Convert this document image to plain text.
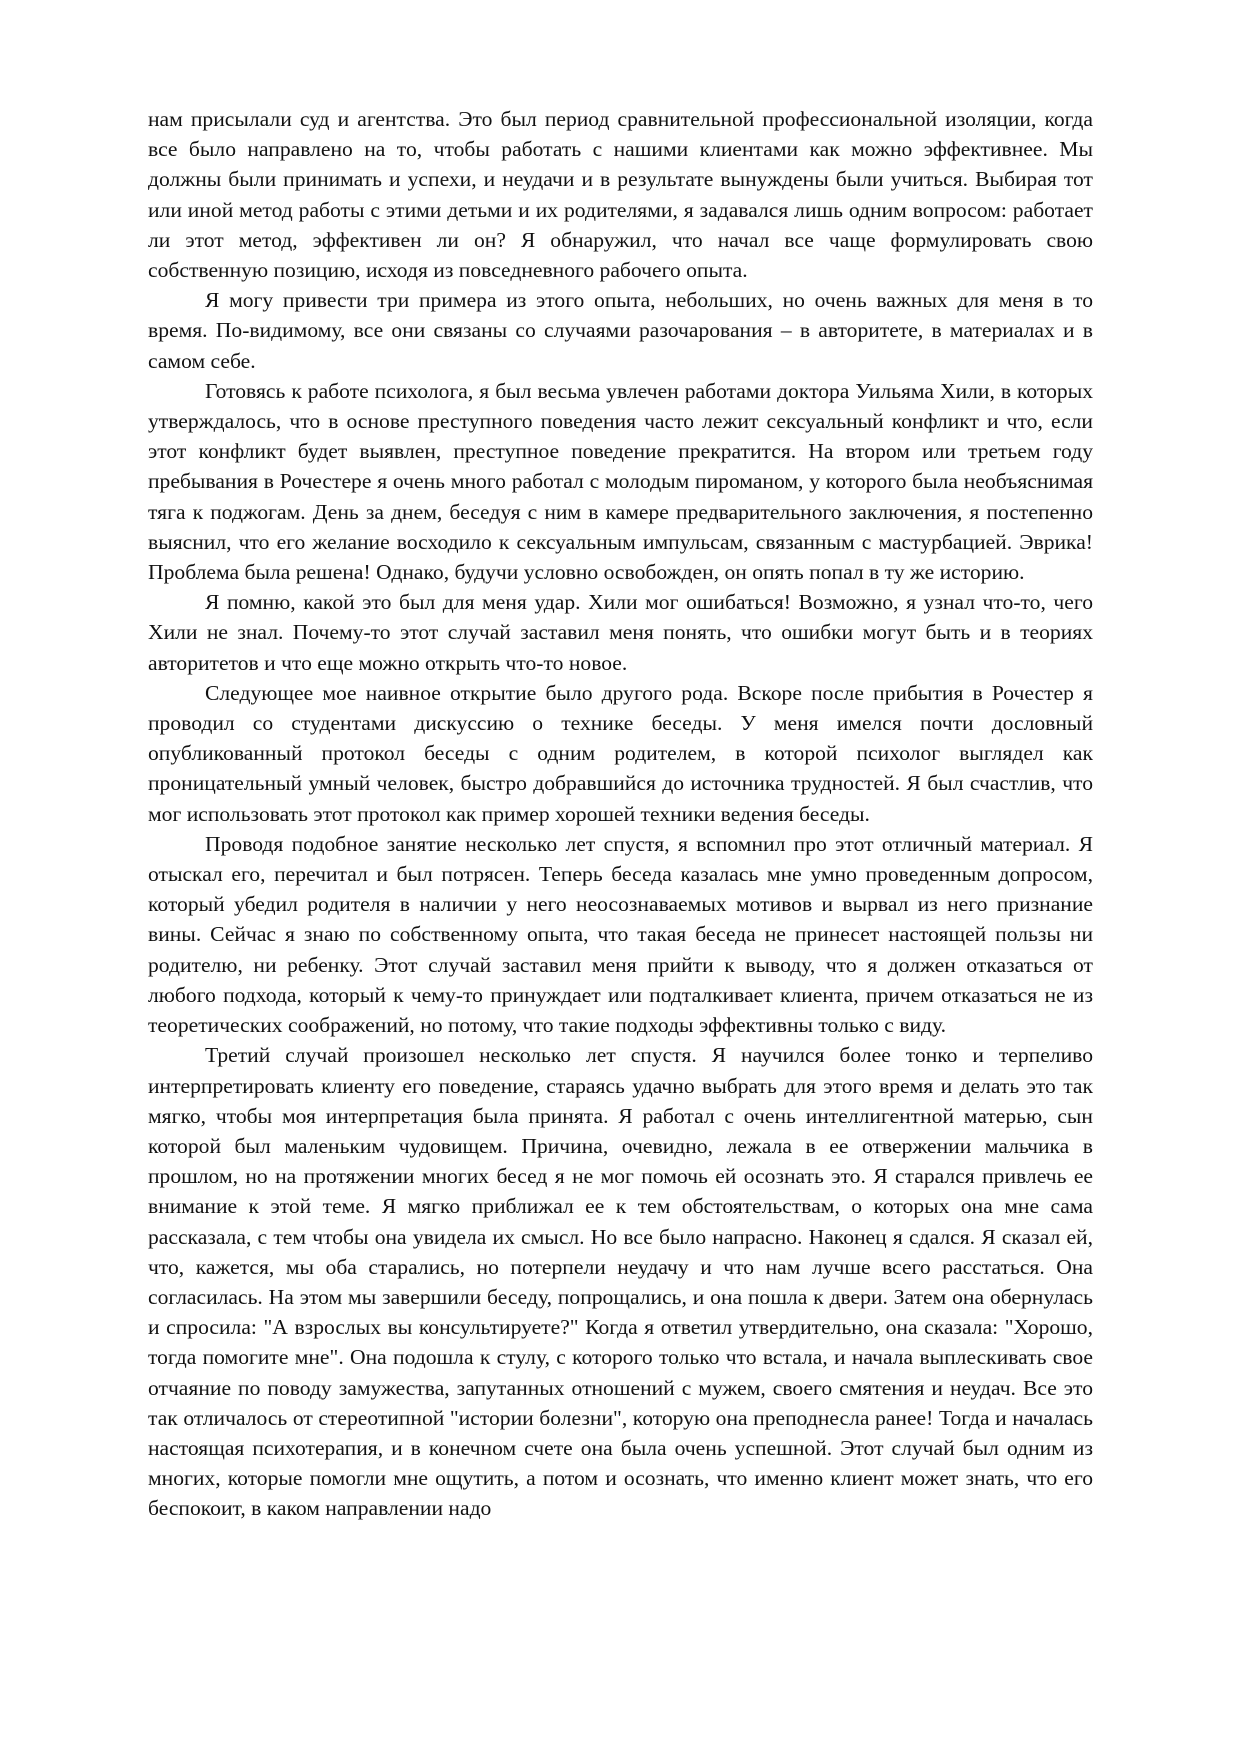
нам присылали суд и агентства. Это был период сравнительной профессиональной изоляции, когда все было направлено на то, чтобы работать с нашими клиентами как можно эффективнее. Мы должны были принимать и успехи, и неудачи и в результате вынуждены были учиться. Выбирая тот или иной метод работы с этими детьми и их родителями, я задавался лишь одним вопросом: работает ли этот метод, эффективен ли он? Я обнаружил, что начал все чаще формулировать свою собственную позицию, исходя из повседневного рабочего опыта.

Я могу привести три примера из этого опыта, небольших, но очень важных для меня в то время. По-видимому, все они связаны со случаями разочарования – в авторитете, в материалах и в самом себе.

Готовясь к работе психолога, я был весьма увлечен работами доктора Уильяма Хили, в которых утверждалось, что в основе преступного поведения часто лежит сексуальный конфликт и что, если этот конфликт будет выявлен, преступное поведение прекратится. На втором или третьем году пребывания в Рочестере я очень много работал с молодым пироманом, у которого была необъяснимая тяга к поджогам. День за днем, беседуя с ним в камере предварительного заключения, я постепенно выяснил, что его желание восходило к сексуальным импульсам, связанным с мастурбацией. Эврика! Проблема была решена! Однако, будучи условно освобожден, он опять попал в ту же историю.

Я помню, какой это был для меня удар. Хили мог ошибаться! Возможно, я узнал что-то, чего Хили не знал. Почему-то этот случай заставил меня понять, что ошибки могут быть и в теориях авторитетов и что еще можно открыть что-то новое.

Следующее мое наивное открытие было другого рода. Вскоре после прибытия в Рочестер я проводил со студентами дискуссию о технике беседы. У меня имелся почти дословный опубликованный протокол беседы с одним родителем, в которой психолог выглядел как проницательный умный человек, быстро добравшийся до источника трудностей. Я был счастлив, что мог использовать этот протокол как пример хорошей техники ведения беседы.

Проводя подобное занятие несколько лет спустя, я вспомнил про этот отличный материал. Я отыскал его, перечитал и был потрясен. Теперь беседа казалась мне умно проведенным допросом, который убедил родителя в наличии у него неосознаваемых мотивов и вырвал из него признание вины. Сейчас я знаю по собственному опыта, что такая беседа не принесет настоящей пользы ни родителю, ни ребенку. Этот случай заставил меня прийти к выводу, что я должен отказаться от любого подхода, который к чему-то принуждает или подталкивает клиента, причем отказаться не из теоретических соображений, но потому, что такие подходы эффективны только с виду.

Третий случай произошел несколько лет спустя. Я научился более тонко и терпеливо интерпретировать клиенту его поведение, стараясь удачно выбрать для этого время и делать это так мягко, чтобы моя интерпретация была принята. Я работал с очень интеллигентной матерью, сын которой был маленьким чудовищем. Причина, очевидно, лежала в ее отвержении мальчика в прошлом, но на протяжении многих бесед я не мог помочь ей осознать это. Я старался привлечь ее внимание к этой теме. Я мягко приближал ее к тем обстоятельствам, о которых она мне сама рассказала, с тем чтобы она увидела их смысл. Но все было напрасно. Наконец я сдался. Я сказал ей, что, кажется, мы оба старались, но потерпели неудачу и что нам лучше всего расстаться. Она согласилась. На этом мы завершили беседу, попрощались, и она пошла к двери. Затем она обернулась и спросила: "А взрослых вы консультируете?" Когда я ответил утвердительно, она сказала: "Хорошо, тогда помогите мне". Она подошла к стулу, с которого только что встала, и начала выплескивать свое отчаяние по поводу замужества, запутанных отношений с мужем, своего смятения и неудач. Все это так отличалось от стереотипной "истории болезни", которую она преподнесла ранее! Тогда и началась настоящая психотерапия, и в конечном счете она была очень успешной. Этот случай был одним из многих, которые помогли мне ощутить, а потом и осознать, что именно клиент может знать, что его беспокоит, в каком направлении надо
